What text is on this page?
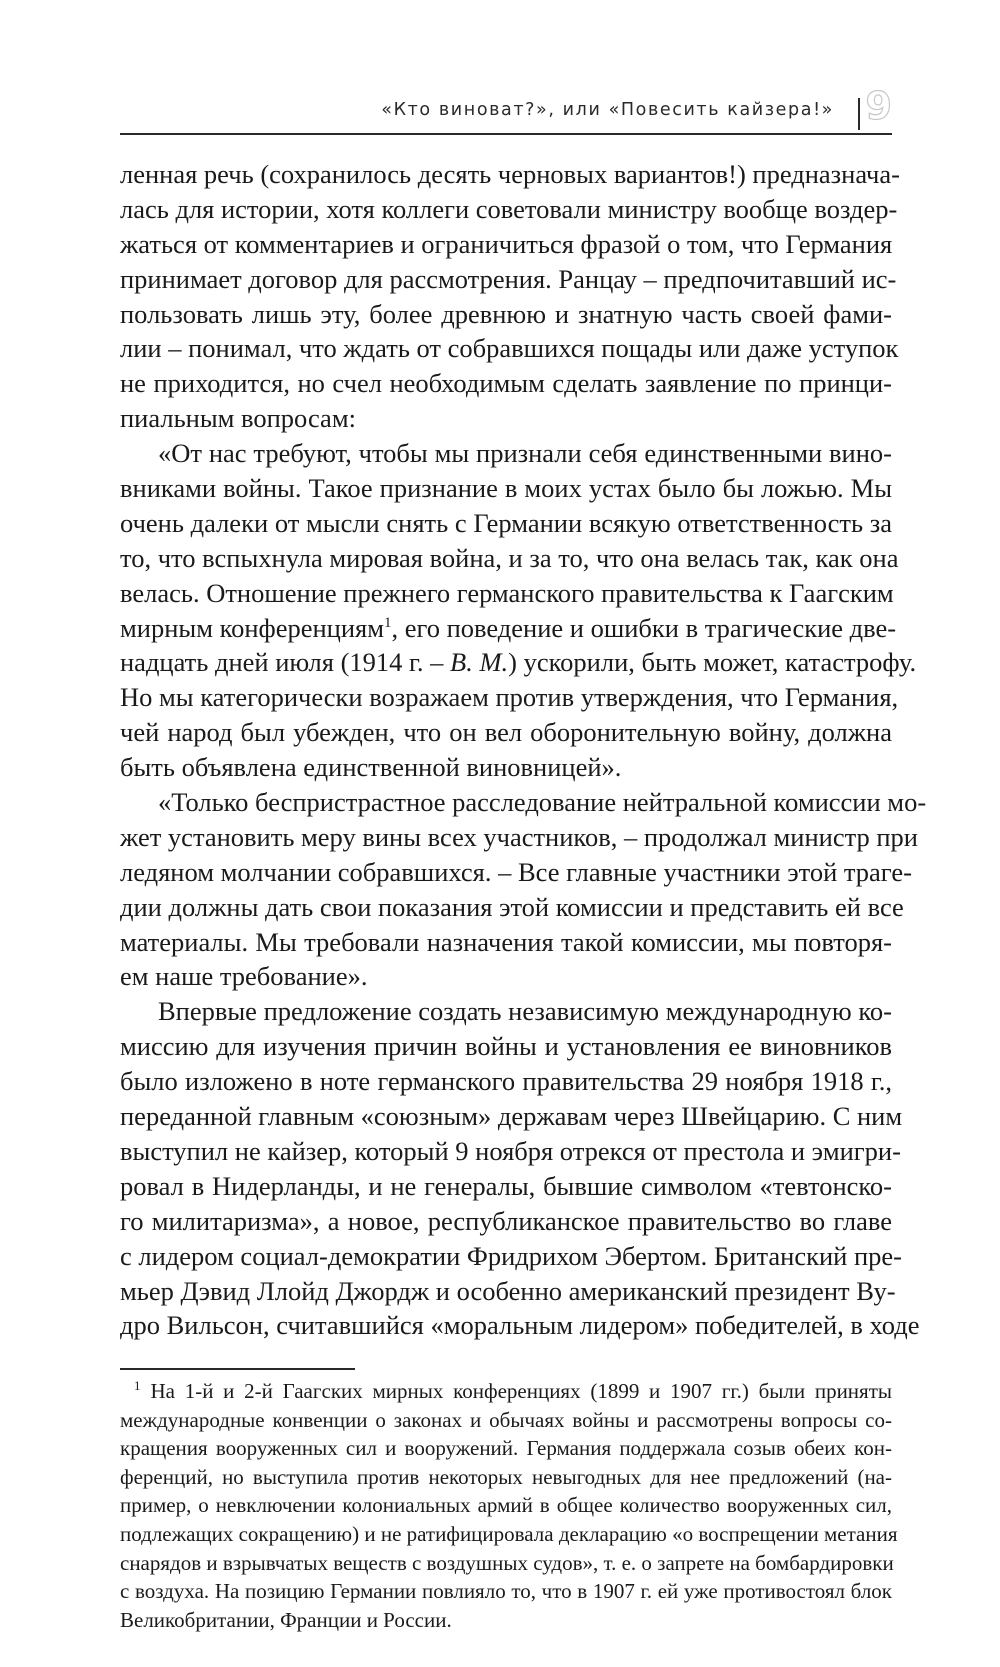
«Кто виноват?», или «Повесить кайзера!» 9
ленная речь (сохранилось десять черновых вариантов!) предназнача-
лась для истории, хотя коллеги советовали министру вообще воздер-
жаться от комментариев и ограничиться фразой о том, что Германия
принимает договор для рассмотрения. Ранцау – предпочитавший ис-
пользовать лишь эту, более древнюю и знатную часть своей фами-
лии – понимал, что ждать от собравшихся пощады или даже уступок
не приходится, но счел необходимым сделать заявление по принци-
пиальным вопросам:
«От нас требуют, чтобы мы признали себя единственными вино-
вниками войны. Такое признание в моих устах было бы ложью. Мы
очень далеки от мысли снять с Германии всякую ответственность за
то, что вспыхнула мировая война, и за то, что она велась так, как она
велась. Отношение прежнего германского правительства к Гаагским
мирным конференциям$^1$, его поведение и ошибки в трагические две-
надцать дней июля (1914 г. – В. М.) ускорили, быть может, катастрофу.
Но мы категорически возражаем против утверждения, что Германия,
чей народ был убежден, что он вел оборонительную войну, должна
быть объявлена единственной виновницей».
«Только беспристрастное расследование нейтральной комиссии мо-
жет установить меру вины всех участников, – продолжал министр при
ледяном молчании собравшихся. – Все главные участники этой траге-
дии должны дать свои показания этой комиссии и представить ей все
материалы. Мы требовали назначения такой комиссии, мы повторя-
ем наше требование».
Впервые предложение создать независимую международную ко-
миссию для изучения причин войны и установления ее виновников
было изложено в ноте германского правительства 29 ноября 1918 г.,
переданной главным «союзным» державам через Швейцарию. С ним
выступил не кайзер, который 9 ноября отрекся от престола и эмигри-
ровал в Нидерланды, и не генералы, бывшие символом «тевтонско-
го милитаризма», а новое, республиканское правительство во главе
с лидером социал-демократии Фридрихом Эбертом. Британский пре-
мьер Дэвид Ллойд Джордж и особенно американский президент Ву-
дро Вильсон, считавшийся «моральным лидером» победителей, в ходе
$^1$ На 1-й и 2-й Гаагских мирных конференциях (1899 и 1907 гг.) были приняты
международные конвенции о законах и обычаях войны и рассмотрены вопросы со-
кращения вооруженных сил и вооружений. Германия поддержала созыв обеих кон-
ференций, но выступила против некоторых невыгодных для нее предложений (на-
пример, о невключении колониальных армий в общее количество вооруженных сил,
подлежащих сокращению) и не ратифицировала декларацию «о воспрещении метания
снарядов и взрывчатых веществ с воздушных судов», т. е. о запрете на бомбардировки
с воздуха. На позицию Германии повлияло то, что в 1907 г. ей уже противостоял блок
Великобритании, Франции и России.
